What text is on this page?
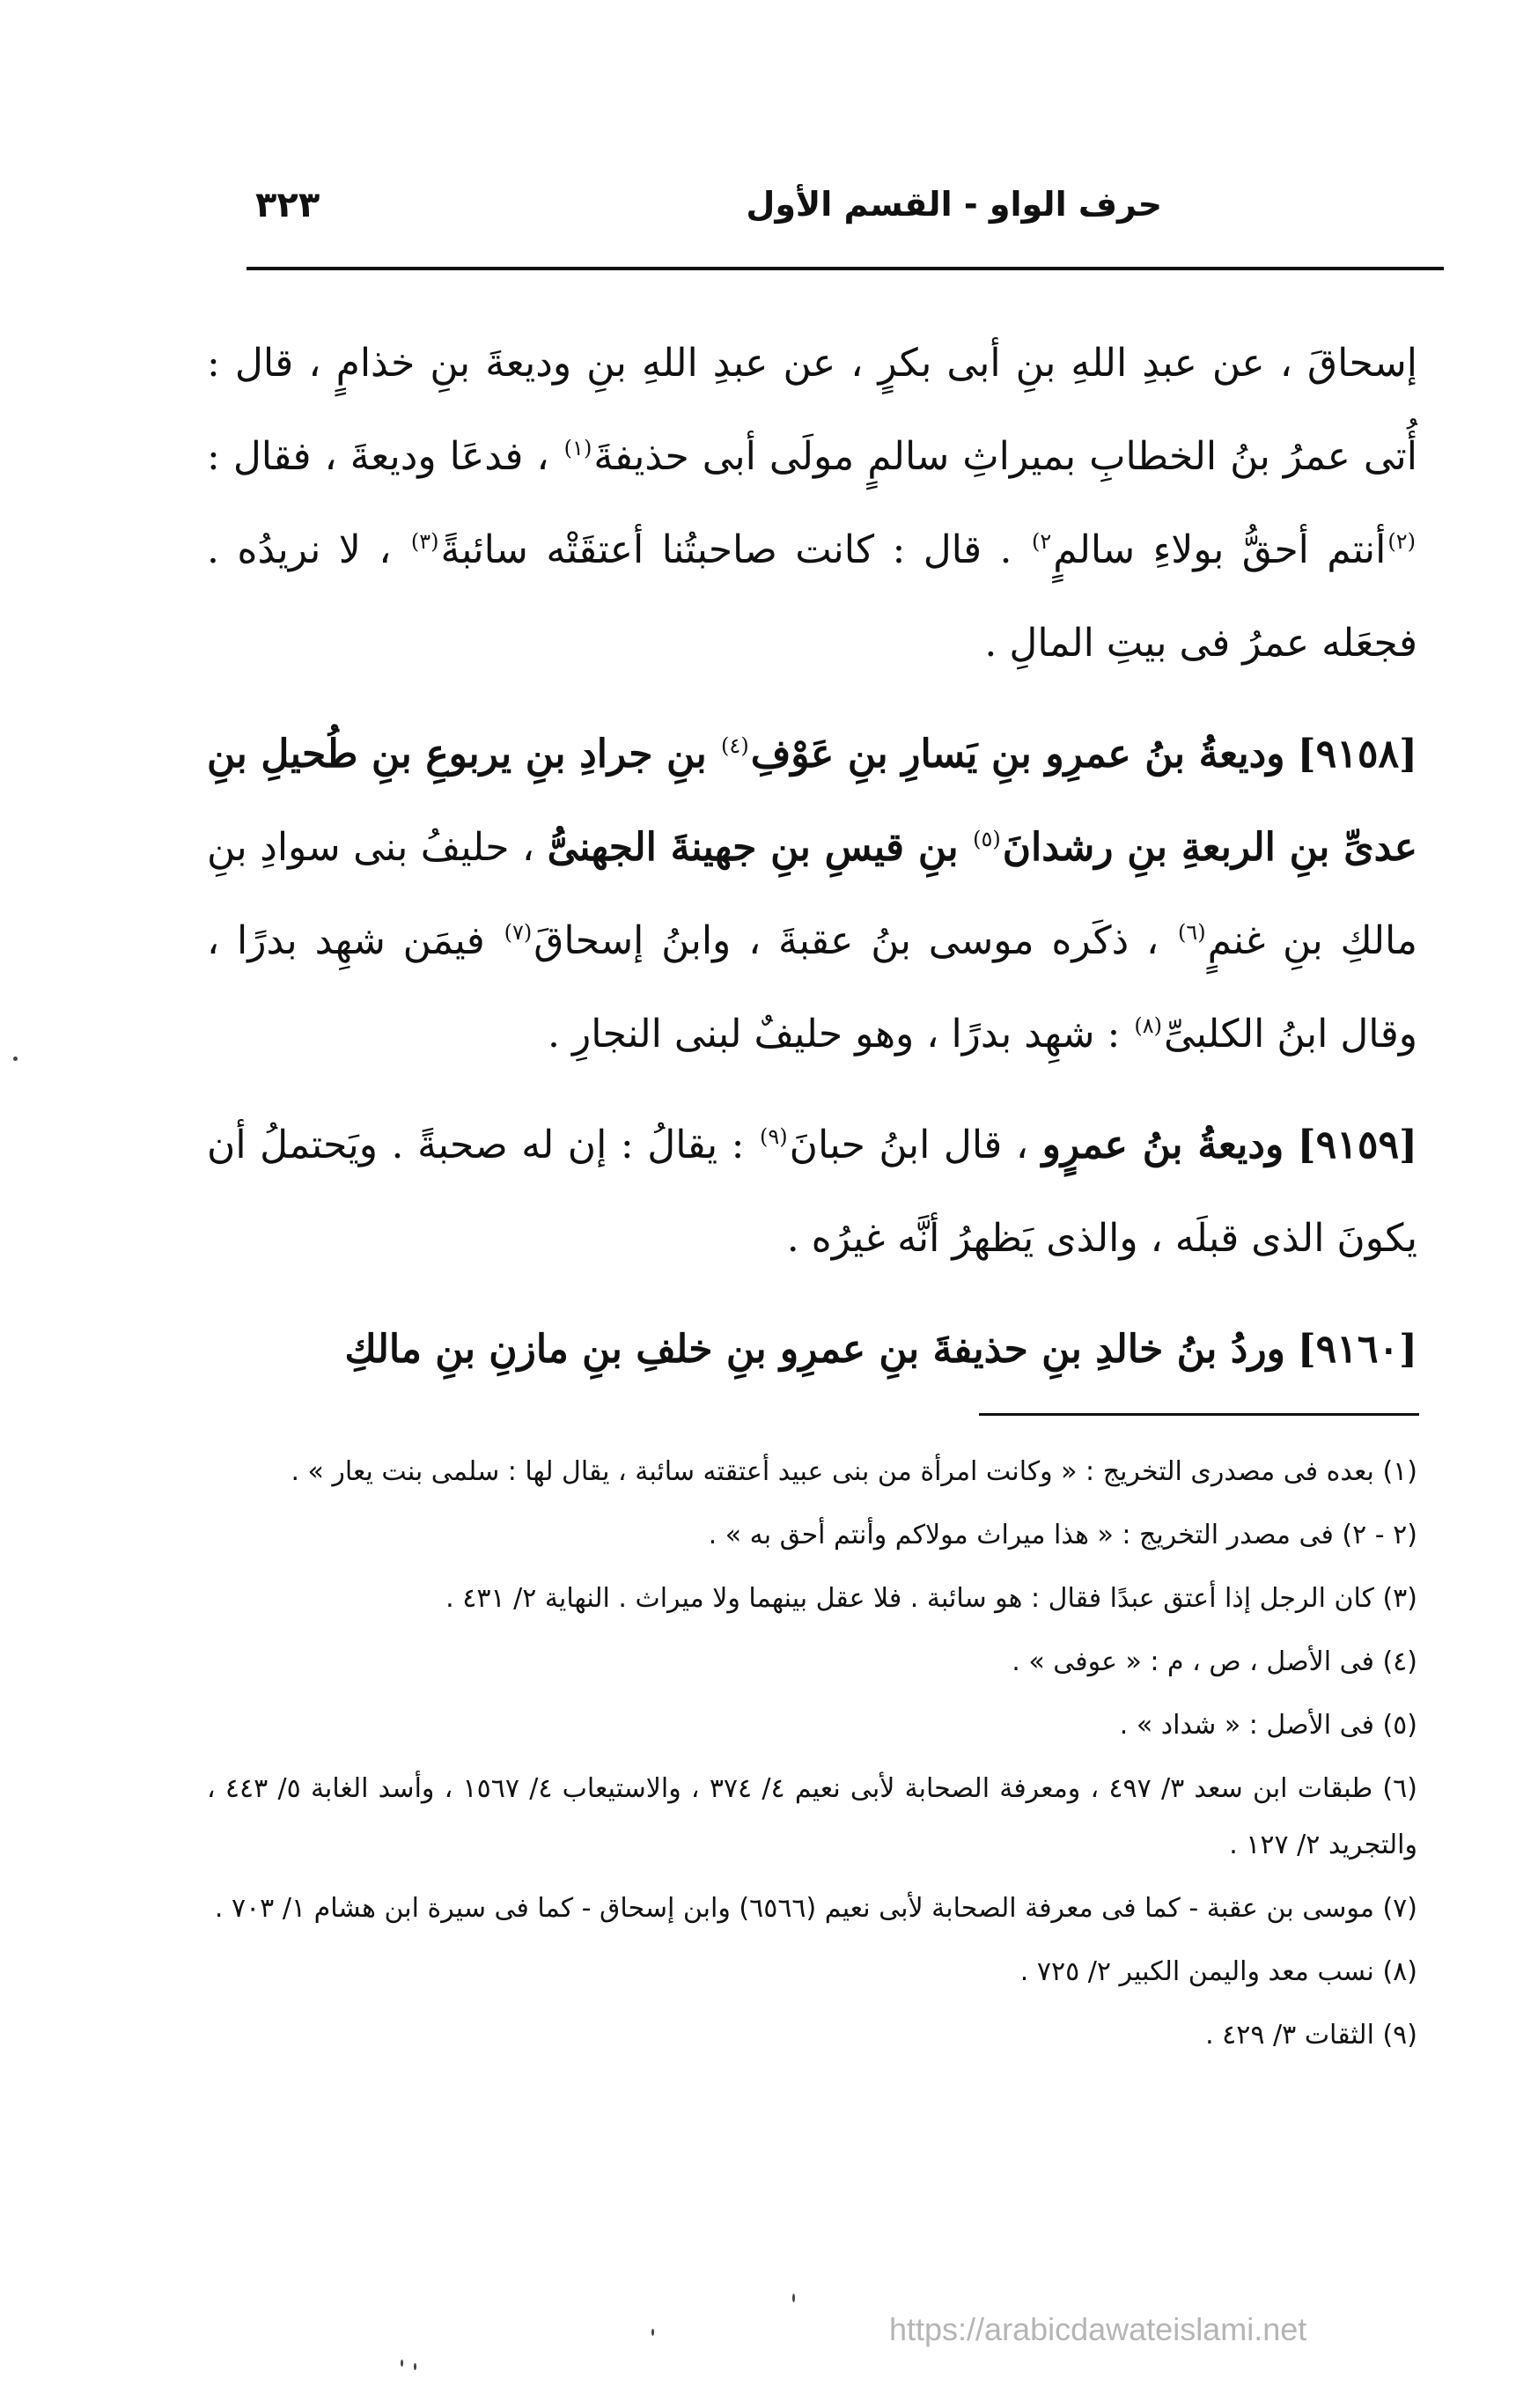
حرف الواو - القسم الأول
٣٢٣

إسحاقَ ، عن عبدِ اللهِ بنِ أبى بكرٍ ، عن عبدِ اللهِ بنِ وديعةَ بنِ خذامٍ ، قال : أُتى عمرُ بنُ الخطابِ بميراثِ سالمٍ مولَى أبى حذيفةَ$^{(١)}$ ، فدعَا وديعةَ ، فقال : $^{(٢)}$أنتم أحقُّ بولاءِ سالمٍ$^{٢)}$ . قال : كانت صاحبتُنا أعتقَتْه سائبةً$^{(٣)}$ ، لا نريدُه . فجعَله عمرُ فى بيتِ المالِ .

[٩١٥٨] وديعةُ بنُ عمرِو بنِ يَسارِ بنِ عَوْفِ$^{(٤)}$ بنِ جرادِ بنِ يربوعِ بنِ طُحيلِ بنِ عدىِّ بنِ الربعةِ بنِ رشدانَ$^{(٥)}$ بنِ قيسِ بنِ جهينةَ الجهنىُّ ، حليفُ بنى سوادِ بنِ مالكِ بنِ غنمٍ$^{(٦)}$ ، ذكَره موسى بنُ عقبةَ ، وابنُ إسحاقَ$^{(٧)}$ فيمَن شهِد بدرًا ، وقال ابنُ الكلبىِّ$^{(٨)}$ : شهِد بدرًا ، وهو حليفٌ لبنى النجارِ .

[٩١٥٩] وديعةُ بنُ عمرٍو ، قال ابنُ حبانَ$^{(٩)}$ : يقالُ : إن له صحبةً . ويَحتملُ أن يكونَ الذى قبلَه ، والذى يَظهرُ أنَّه غيرُه .

[٩١٦٠] وردُ بنُ خالدِ بنِ حذيفةَ بنِ عمرِو بنِ خلفِ بنِ مازنِ بنِ مالكِ

(١) بعده فى مصدرى التخريج : « وكانت امرأة من بنى عبيد أعتقته سائبة ، يقال لها : سلمى بنت يعار » .

(٢ - ٢) فى مصدر التخريج : « هذا ميراث مولاكم وأنتم أحق به » .

(٣) كان الرجل إذا أعتق عبدًا فقال : هو سائبة . فلا عقل بينهما ولا ميراث . النهاية ٢/ ٤٣١ .

(٤) فى الأصل ، ص ، م : « عوفى » .

(٥) فى الأصل : « شداد » .

(٦) طبقات ابن سعد ٣/ ٤٩٧ ، ومعرفة الصحابة لأبى نعيم ٤/ ٣٧٤ ، والاستيعاب ٤/ ١٥٦٧ ، وأسد الغابة ٥/ ٤٤٣ ، والتجريد ٢/ ١٢٧ .

(٧) موسى بن عقبة - كما فى معرفة الصحابة لأبى نعيم (٦٥٦٦) وابن إسحاق - كما فى سيرة ابن هشام ١/ ٧٠٣ .

(٨) نسب معد واليمن الكبير ٢/ ٧٢٥ .

(٩) الثقات ٣/ ٤٢٩ .

https://arabicdawateislami.net
